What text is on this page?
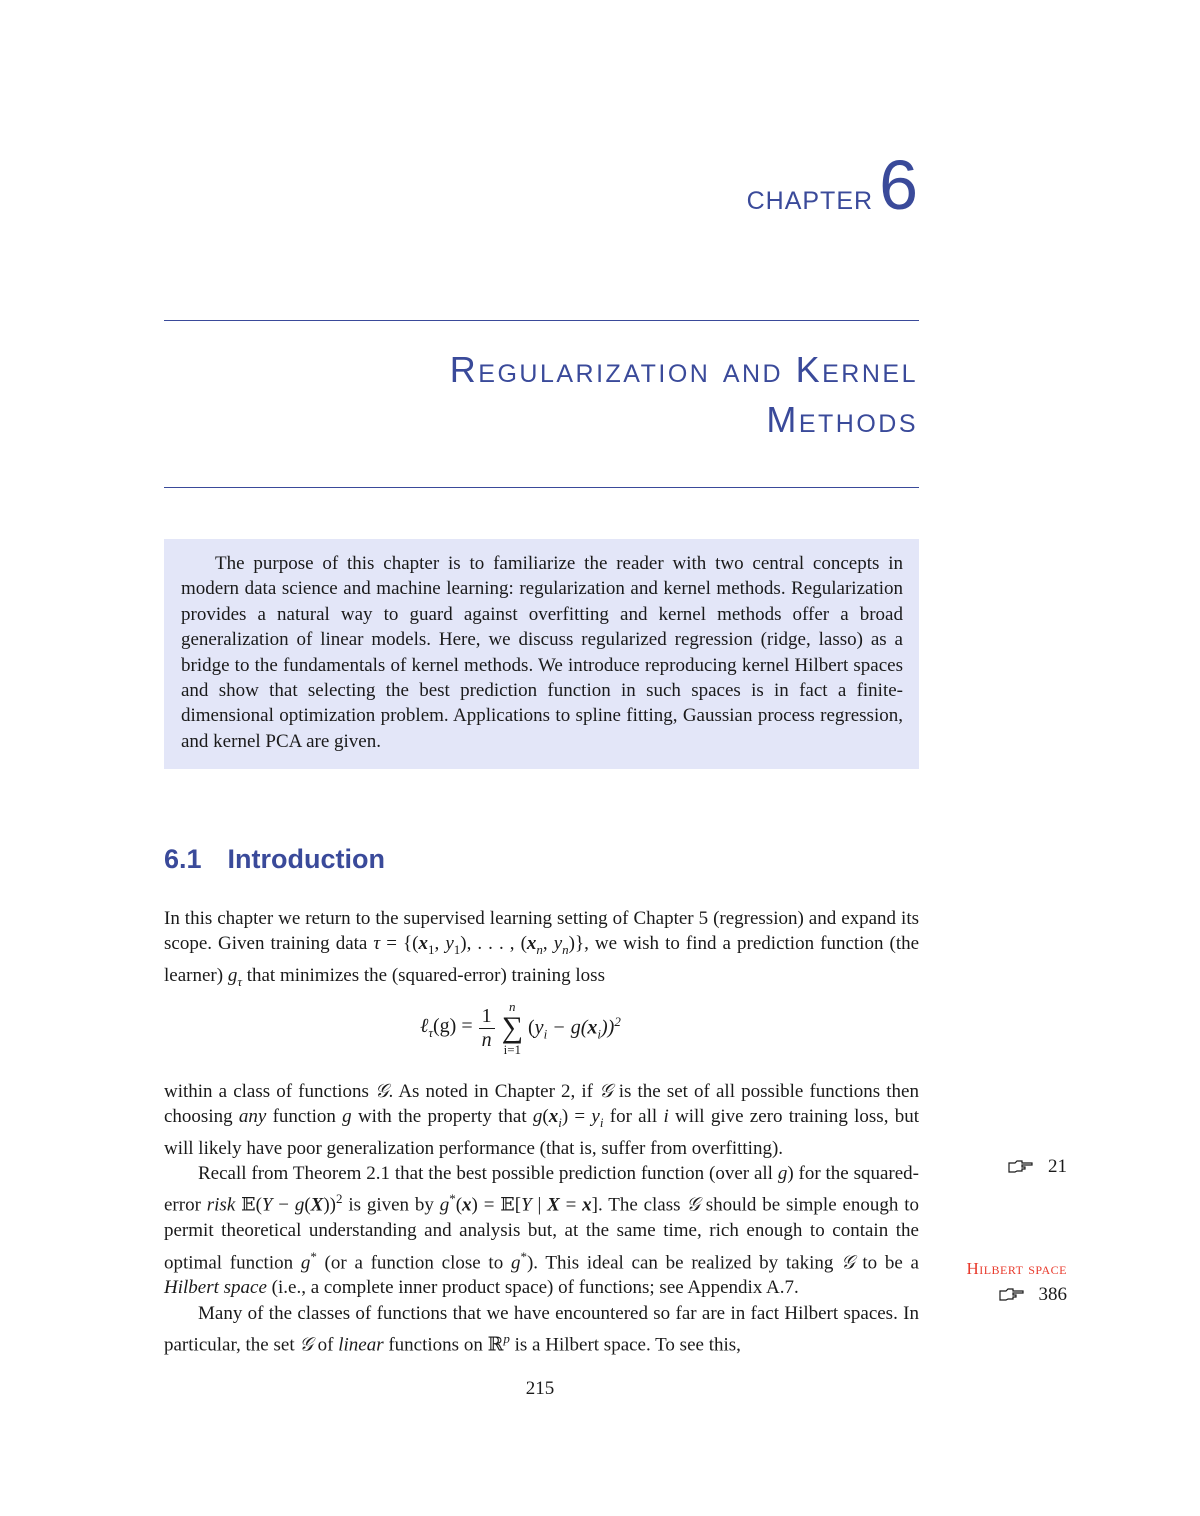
CHAPTER 6
Regularization and Kernel
Methods

The purpose of this chapter is to familiarize the reader with two central concepts in modern data science and machine learning: regularization and kernel methods. Regularization provides a natural way to guard against overfitting and kernel methods offer a broad generalization of linear models. Here, we discuss regularized regression (ridge, lasso) as a bridge to the fundamentals of kernel methods. We introduce reproducing kernel Hilbert spaces and show that selecting the best prediction function in such spaces is in fact a finite-dimensional optimization problem. Applications to spline fitting, Gaussian process regression, and kernel PCA are given.

6.1 Introduction

In this chapter we return to the supervised learning setting of Chapter 5 (regression) and expand its scope. Given training data $\tau = \{(x_1$, $y_1$), . . . , ($x_n$, $y_n$)}, we wish to find a prediction function (the learner) $g_\tau$ that minimizes the (squared-error) training loss

ℓ$_\tau$(g) = $\frac{1}{n}$ n
∑
i=1
$(y_i - g(x_i))^2$

within a class of functions 𝒢. As noted in Chapter 2, if 𝒢 is the set of all possible functions then choosing any function g with the property that $g(x_i) = y_i$ for all i will give zero training loss, but will likely have poor generalization performance (that is, suffer from overfitting).

Recall from Theorem 2.1 that the best possible prediction function (over all g) for the squared-error risk 𝔼(Y − g(X))$^2$ is given by g*(x) = 𝔼[Y | X = x]. The class 𝒢 should be simple enough to permit theoretical understanding and analysis but, at the same time, rich enough to contain the optimal function g* (or a function close to g*). This ideal can be realized by taking 𝒢 to be a Hilbert space (i.e., a complete inner product space) of functions; see Appendix A.7.

Many of the classes of functions that we have encountered so far are in fact Hilbert spaces. In particular, the set 𝒢 of linear functions on ℝ$^p$ is a Hilbert space. To see this,

21
Hilbert space
386
215
